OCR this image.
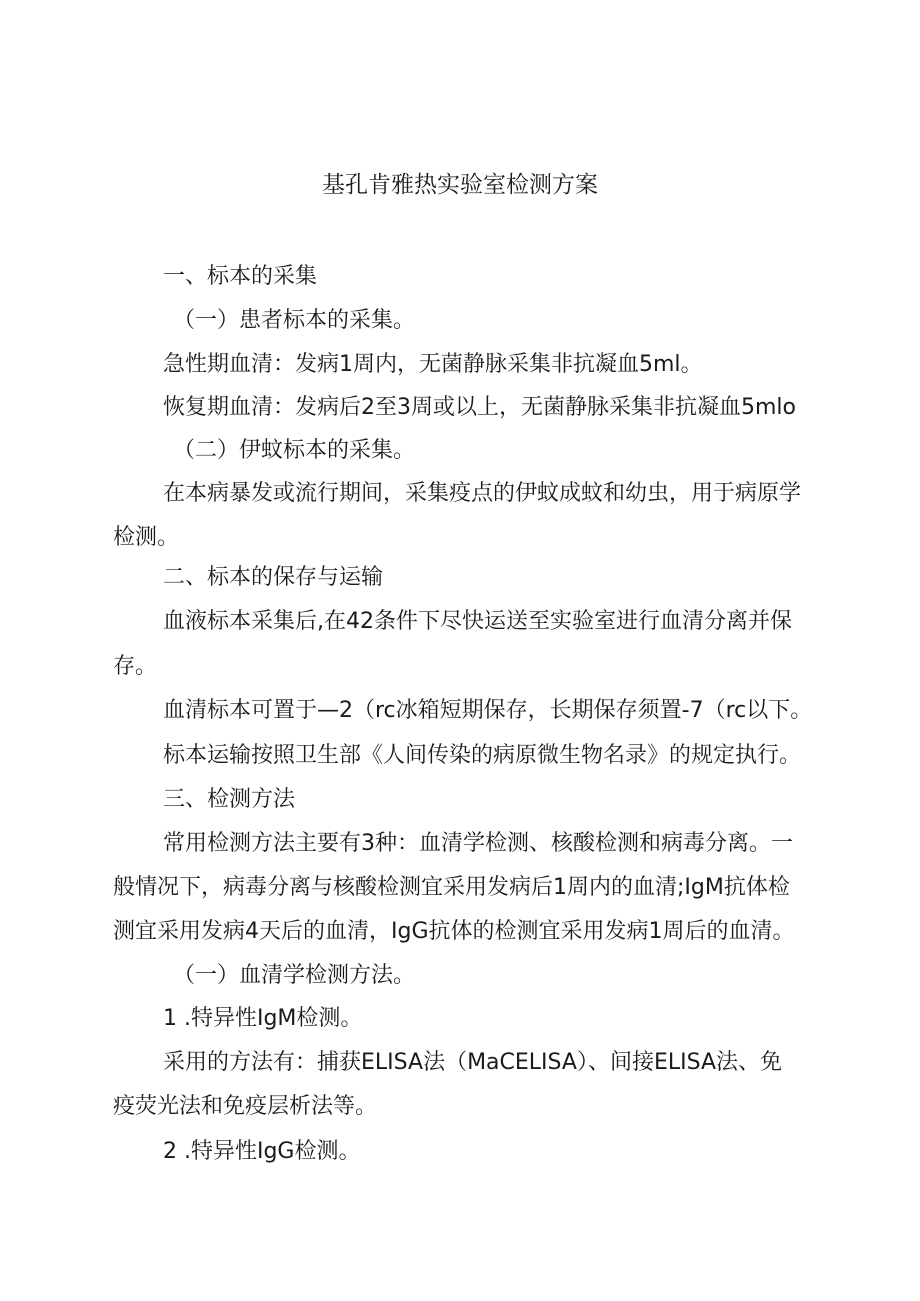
基孔肯雅热实验室检测方案
一、标本的采集
（一）患者标本的采集。
急性期血清：发病1周内，无菌静脉采集非抗凝血5ml。
恢复期血清：发病后2至3周或以上，无菌静脉采集非抗凝血5mlo
（二）伊蚊标本的采集。
在本病暴发或流行期间，采集疫点的伊蚊成蚊和幼虫，用于病原学
检测。
二、标本的保存与运输
血液标本采集后,在42条件下尽快运送至实验室进行血清分离并保
存。
血清标本可置于—2（rc冰箱短期保存，长期保存须置-7（rc以下。
标本运输按照卫生部《人间传染的病原微生物名录》的规定执行。
三、检测方法
常用检测方法主要有3种：血清学检测、核酸检测和病毒分离。一
般情况下，病毒分离与核酸检测宜采用发病后1周内的血清;IgM抗体检
测宜采用发病4天后的血清，IgG抗体的检测宜采用发病1周后的血清。
（一）血清学检测方法。
1 .特异性IgM检测。
采用的方法有：捕获ELISA法（MaCELISA）、间接ELISA法、免
疫荧光法和免疫层析法等。
2 .特异性IgG检测。
